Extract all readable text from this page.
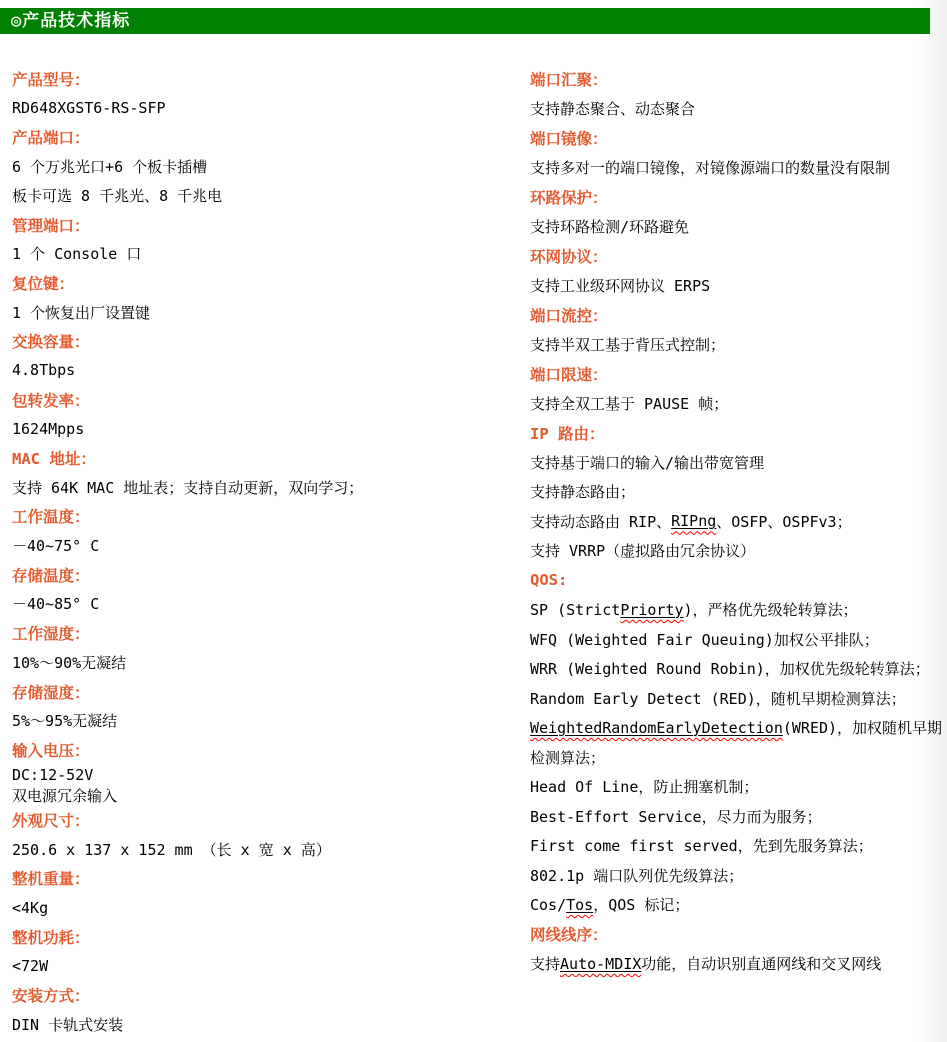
◎产品技术指标
产品型号：
RD648XGST6-RS-SFP
产品端口：
6 个万兆光口+6 个板卡插槽
板卡可选 8 千兆光、8 千兆电
管理端口：
1 个 Console 口
复位键：
1 个恢复出厂设置键
交换容量：
4.8Tbps
包转发率：
1624Mpps
MAC 地址：
支持 64K MAC 地址表；支持自动更新，双向学习；
工作温度：
－40~75° C
存储温度：
－40~85° C
工作湿度：
10%～90%无凝结
存储湿度：
5%～95%无凝结
输入电压：
DC:12-52V
双电源冗余输入
外观尺寸：
250.6 x 137 x 152 mm （长 x 宽 x 高）
整机重量：
<4Kg
整机功耗：
<72W
安装方式：
DIN 卡轨式安装
端口汇聚：
支持静态聚合、动态聚合
端口镜像：
支持多对一的端口镜像，对镜像源端口的数量没有限制
环路保护：
支持环路检测/环路避免
环网协议：
支持工业级环网协议 ERPS
端口流控：
支持半双工基于背压式控制；
端口限速：
支持全双工基于 PAUSE 帧；
IP 路由：
支持基于端口的输入/输出带宽管理
支持静态路由；
支持动态路由 RIP、 RIPng 、OSFP、OSPFv3；
支持 VRRP（虚拟路由冗余协议）
QOS:
SP (Strict Priorty )，严格优先级轮转算法；
WFQ (Weighted Fair Queuing)加权公平排队；
WRR (Weighted Round Robin)，加权优先级轮转算法；
Random Early Detect (RED)，随机早期检测算法；
WeightedRandomEarlyDetection (WRED)，加权随机早期
检测算法；
Head Of Line，防止拥塞机制；
Best-Effort Service，尽力而为服务；
First come first served，先到先服务算法；
802.1p 端口队列优先级算法；
Cos/ Tos ，QOS 标记；
网线线序：
支持 Auto-MDIX 功能，自动识别直通网线和交叉网线
